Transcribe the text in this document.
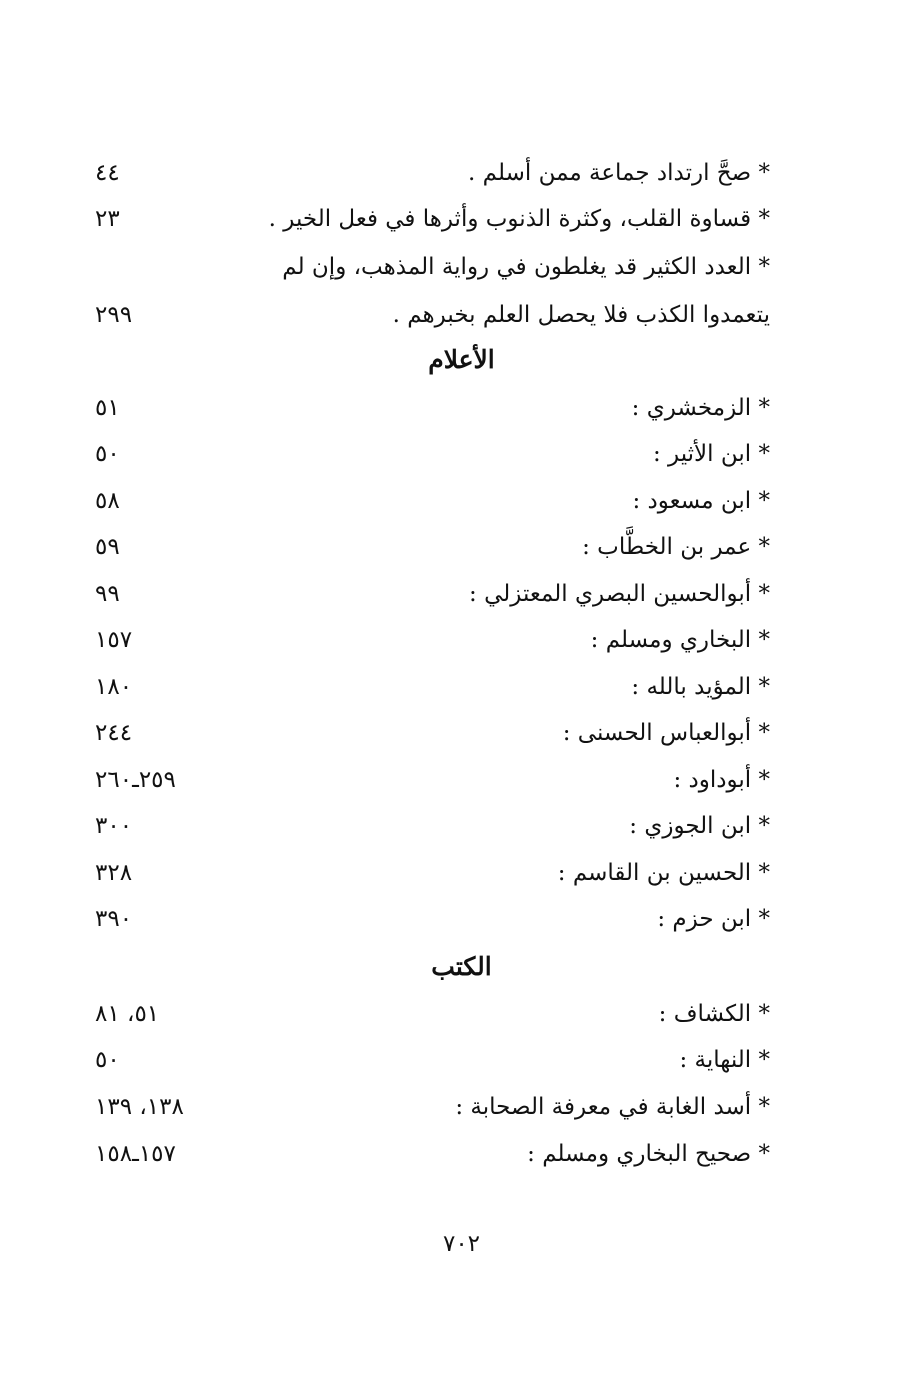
* صحَّ ارتداد جماعة ممن أسلم .
٤٤
* قساوة القلب، وكثرة الذنوب وأثرها في فعل الخير .
٢٣
* العدد الكثير قد يغلطون في رواية المذهب، وإن لم
يتعمدوا الكذب فلا يحصل العلم بخبرهم .
٢٩٩
الأعلام
* الزمخشري :
٥١
* ابن الأثير :
٥٠
* ابن مسعود :
٥٨
* عمر بن الخطَّاب :
٥٩
* أبوالحسين البصري المعتزلي :
٩٩
* البخاري ومسلم :
١٥٧
* المؤيد بالله :
١٨٠
* أبوالعباس الحسنى :
٢٤٤
* أبوداود :
٢٥٩ـ٢٦٠
* ابن الجوزي :
٣٠٠
* الحسين بن القاسم :
٣٢٨
* ابن حزم :
٣٩٠
الكتب
* الكشاف :
٥١، ٨١
* النهاية :
٥٠
* أسد الغابة في معرفة الصحابة :
١٣٨، ١٣٩
* صحيح البخاري ومسلم :
١٥٧ـ١٥٨
٧٠٢
